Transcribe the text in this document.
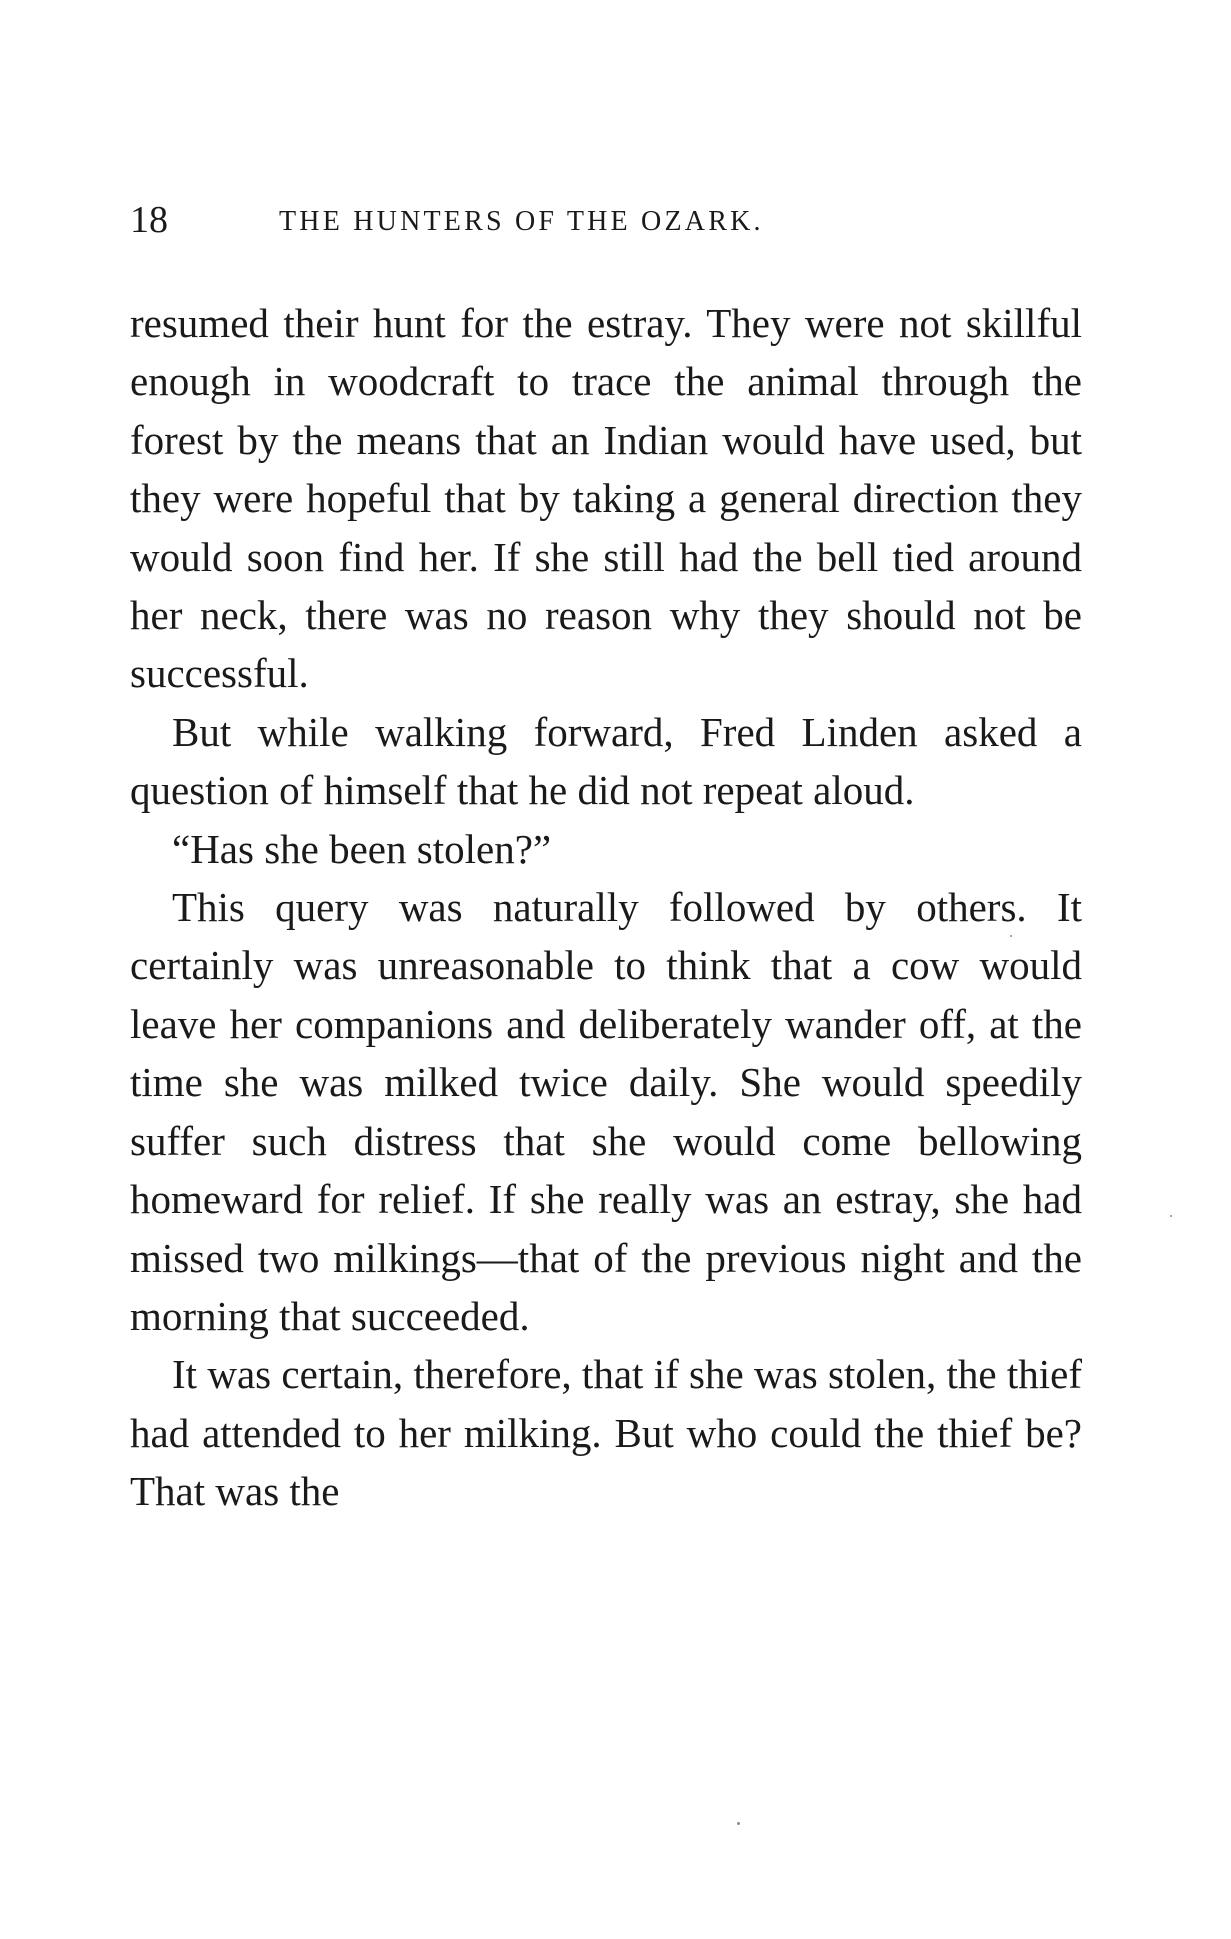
18	THE HUNTERS OF THE OZARK.

resumed their hunt for the estray. They were not skillful enough in woodcraft to trace the animal through the forest by the means that an Indian would have used, but they were hopeful that by taking a general direction they would soon find her. If she still had the bell tied around her neck, there was no reason why they should not be successful.

But while walking forward, Fred Linden asked a question of himself that he did not repeat aloud.

“Has she been stolen?”

This query was naturally followed by others. It certainly was unreasonable to think that a cow would leave her companions and deliberately wander off, at the time she was milked twice daily. She would speedily suffer such distress that she would come bellowing homeward for relief. If she really was an estray, she had missed two milkings—that of the previous night and the morning that succeeded.

It was certain, therefore, that if she was stolen, the thief had attended to her milking. But who could the thief be? That was the
